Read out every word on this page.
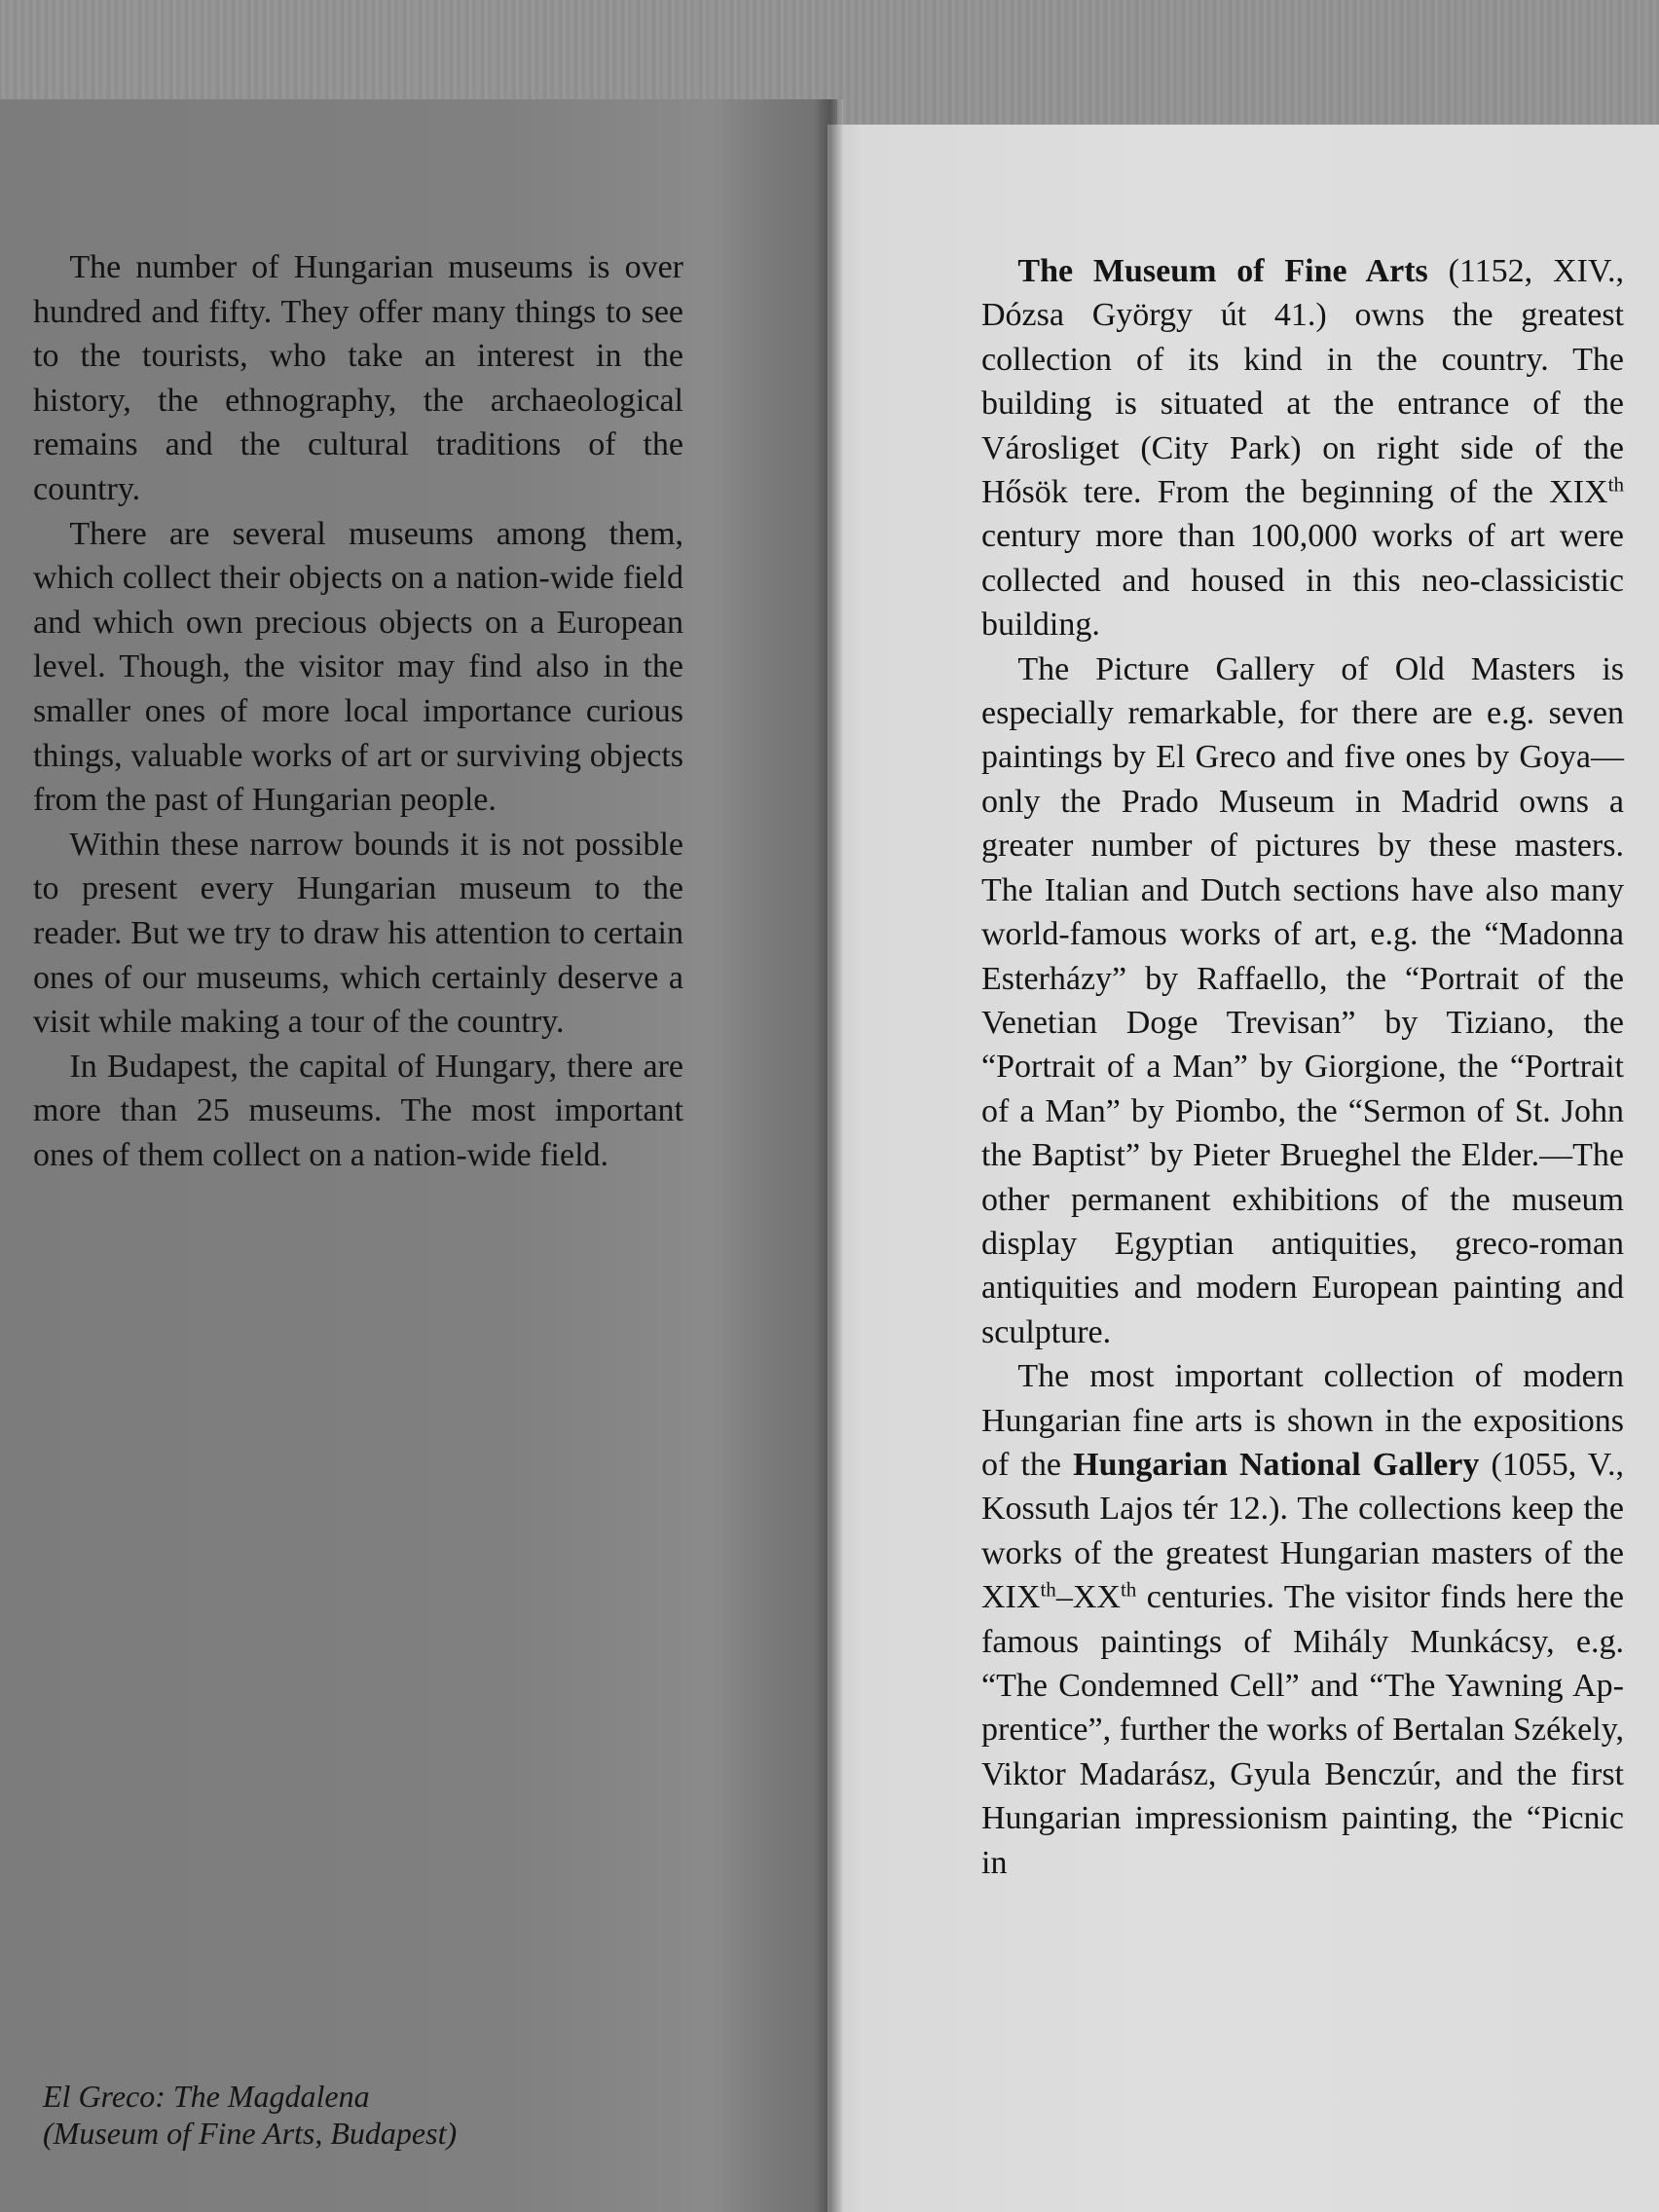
The number of Hungarian museums is over hundred and fifty. They offer many things to see to the tourists, who take an interest in the history, the ethnography, the archaeological remains and the cultural traditions of the country.

There are several museums among them, which collect their objects on a nation-wide field and which own precious objects on a European level. Though, the visitor may find also in the smaller ones of more local importance curious things, valuable works of art or surviving objects from the past of Hungarian people.

Within these narrow bounds it is not possible to present every Hungarian museum to the reader. But we try to draw his attention to certain ones of our museums, which certainly deserve a visit while making a tour of the country.

In Budapest, the capital of Hungary, there are more than 25 museums. The most important ones of them collect on a nation-wide field.

El Greco: The Magdalena
(Museum of Fine Arts, Budapest)

The Museum of Fine Arts (1152, XIV., Dózsa György út 41.) owns the greatest collection of its kind in the country. The building is situated at the entrance of the Városliget (City Park) on right side of the Hősök tere. From the beginning of the XIXth century more than 100,000 works of art were collected and housed in this neo-classicistic building.

The Picture Gallery of Old Masters is especially remarkable, for there are e.g. seven paintings by El Greco and five ones by Goya—only the Prado Museum in Madrid owns a greater number of pictures by these masters. The Italian and Dutch sections have also many world-famous works of art, e.g. the “Madonna Esterházy” by Raffaello, the “Portrait of the Venetian Doge Trevisan” by Tiziano, the “Portrait of a Man” by Giorgione, the “Portrait of a Man” by Piombo, the “Sermon of St. John the Baptist” by Pieter Brueghel the Elder.—The other permanent exhibitions of the museum display Egyptian antiquities, greco-roman antiquities and modern European painting and sculpture.

The most important collection of modern Hungarian fine arts is shown in the expositions of the Hungarian National Gallery (1055, V., Kossuth Lajos tér 12.). The collections keep the works of the greatest Hungarian masters of the XIXth–XXth centuries. The visitor finds here the famous paintings of Mihály Munkácsy, e.g. “The Condemned Cell” and “The Yawning Apprentice”, further the works of Bertalan Székely, Viktor Madarász, Gyula Benczúr, and the first Hungarian impressionism painting, the “Picnic in
